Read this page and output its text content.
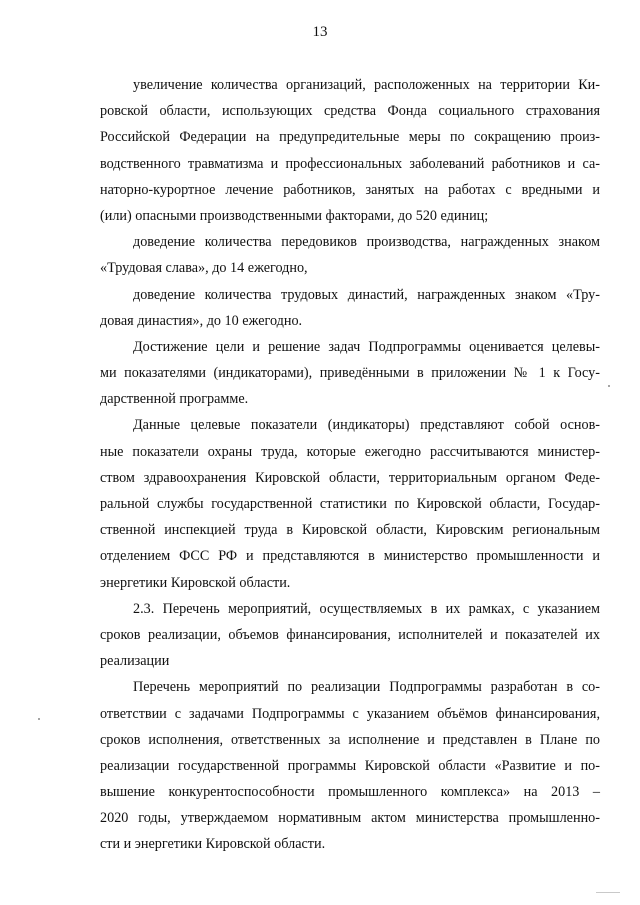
13
увеличение количества организаций, расположенных на территории Ки-
ровской области, использующих средства Фонда социального страхования
Российской Федерации на предупредительные меры по сокращению произ-
водственного травматизма и профессиональных заболеваний работников и са-
наторно-курортное лечение работников, занятых на работах с вредными и
(или) опасными производственными факторами, до 520 единиц;
доведение количества передовиков производства, награжденных знаком
«Трудовая слава», до 14 ежегодно,
доведение количества трудовых династий, награжденных знаком «Тру-
довая династия», до 10 ежегодно.
Достижение цели и решение задач Подпрограммы оценивается целевы-
ми показателями (индикаторами), приведёнными в приложении № 1 к Госу-
дарственной программе.
Данные целевые показатели (индикаторы) представляют собой основ-
ные показатели охраны труда, которые ежегодно рассчитываются министер-
ством здравоохранения Кировской области, территориальным органом Феде-
ральной службы государственной статистики по Кировской области, Государ-
ственной инспекцией труда в Кировской области, Кировским региональным
отделением ФСС РФ и представляются в министерство промышленности и
энергетики Кировской области.
2.3. Перечень мероприятий, осуществляемых в их рамках, с указанием
сроков реализации, объемов финансирования, исполнителей и показателей их
реализации
Перечень мероприятий по реализации Подпрограммы разработан в со-
ответствии с задачами Подпрограммы с указанием объёмов финансирования,
сроков исполнения, ответственных за исполнение и представлен в Плане по
реализации государственной программы Кировской области «Развитие и по-
вышение конкурентоспособности промышленного комплекса» на 2013 –
2020 годы, утверждаемом нормативным актом министерства промышленно-
сти и энергетики Кировской области.
